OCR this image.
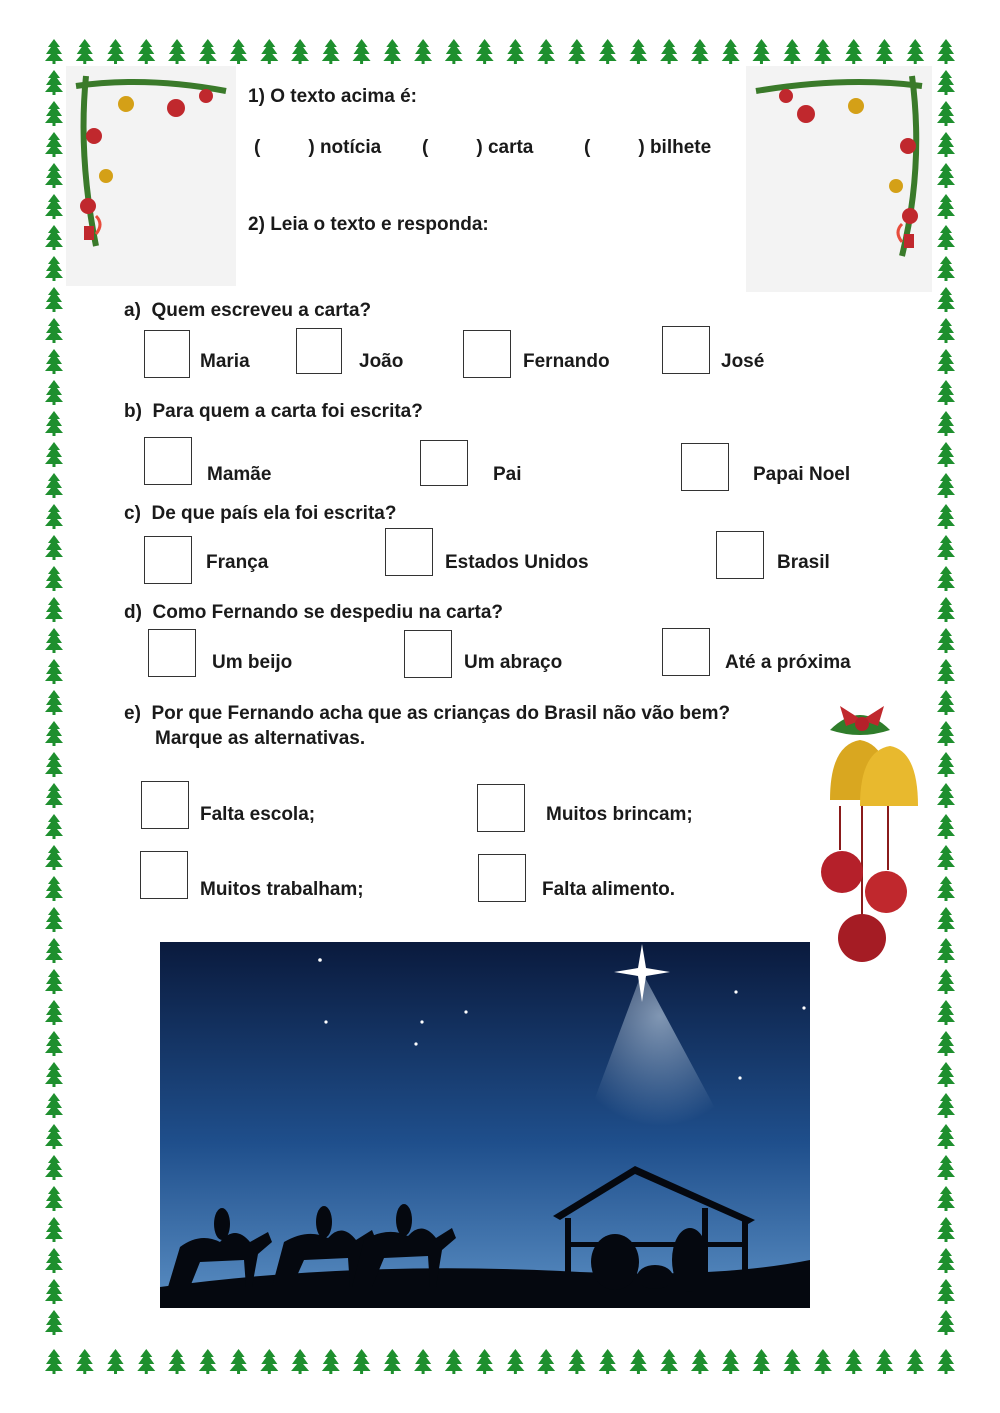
1) O texto acima é:
(	) notícia (	) carta	(	) bilhete
2) Leia o texto e responda:
a) Quem escreveu a carta?
Maria	João	Fernando	José
b) Para quem a carta foi escrita?
Mamãe	Pai	Papai Noel
c) De que país ela foi escrita?
França	Estados Unidos	Brasil
d) Como Fernando se despediu na carta?
Um beijo	Um abraço	Até a próxima
e) Por que Fernando acha que as crianças do Brasil não vão bem?
Marque as alternativas.
Falta escola;	Muitos brincam;
Muitos trabalham;	Falta alimento.
